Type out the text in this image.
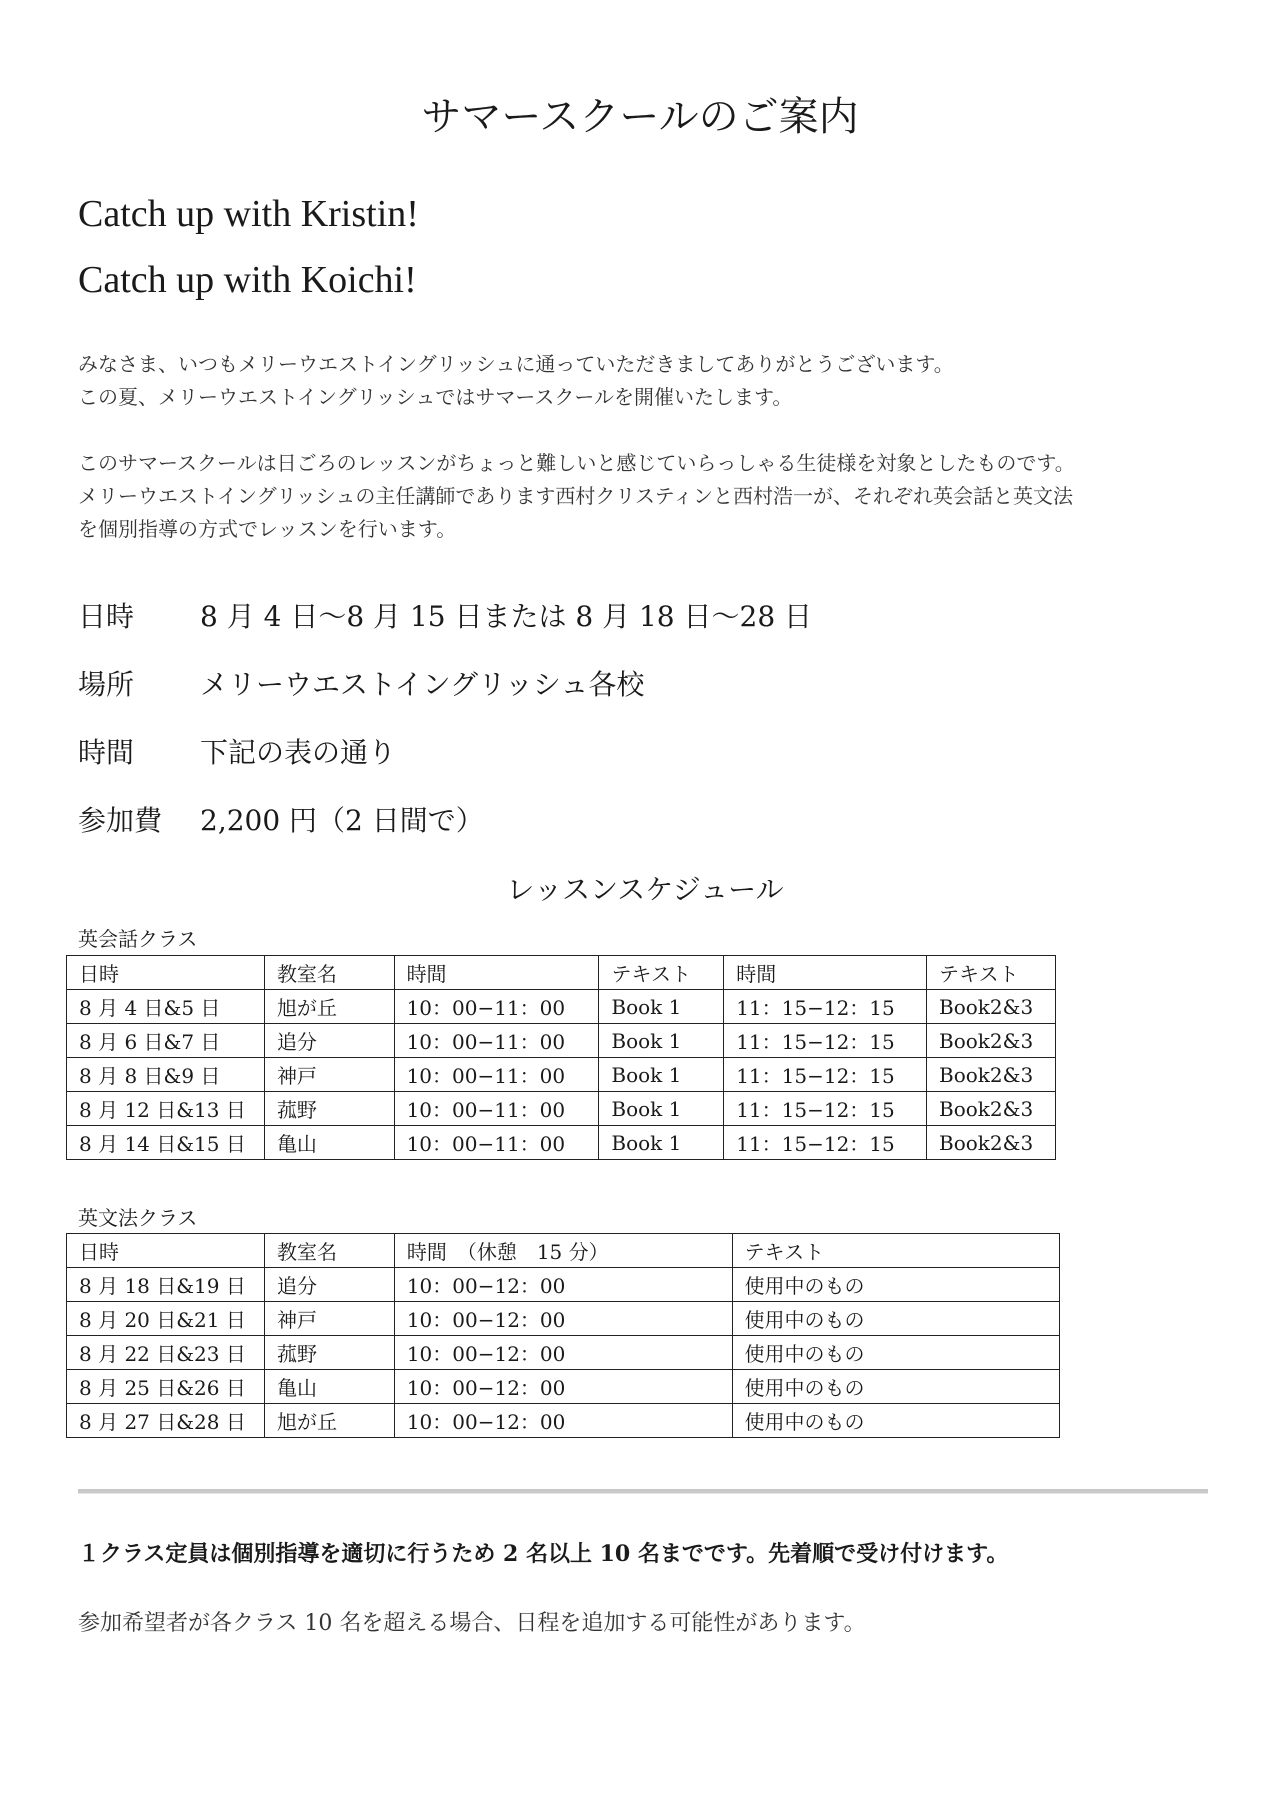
サマースクールのご案内

Catch up with Kristin!

Catch up with Koichi!

みなさま、いつもメリーウエストイングリッシュに通っていただきましてありがとうございます。
この夏、メリーウエストイングリッシュではサマースクールを開催いたします。

このサマースクールは日ごろのレッスンがちょっと難しいと感じていらっしゃる生徒様を対象としたものです。
メリーウエストイングリッシュの主任講師であります西村クリスティンと西村浩一が、それぞれ英会話と英文法
を個別指導の方式でレッスンを行います。

日時 8 月 4 日〜8 月 15 日または 8 月 18 日〜28 日

場所 メリーウエストイングリッシュ各校

時間 下記の表の通り

参加費 2,200 円（2 日間で）

レッスンスケジュール

英会話クラス

日時	教室名	時間	テキスト	時間	テキスト
8 月 4 日&5 日	旭が丘	10：00−11：00	Book 1	11：15−12：15	Book2&3
8 月 6 日&7 日	追分	10：00−11：00	Book 1	11：15−12：15	Book2&3
8 月 8 日&9 日	神戸	10：00−11：00	Book 1	11：15−12：15	Book2&3
8 月 12 日&13 日	菰野	10：00−11：00	Book 1	11：15−12：15	Book2&3
8 月 14 日&15 日	亀山	10：00−11：00	Book 1	11：15−12：15	Book2&3

英文法クラス

日時	教室名	時間　（休憩　15 分）	テキスト
8 月 18 日&19 日	追分	10：00−12：00	使用中のもの
8 月 20 日&21 日	神戸	10：00−12：00	使用中のもの
8 月 22 日&23 日	菰野	10：00−12：00	使用中のもの
8 月 25 日&26 日	亀山	10：00−12：00	使用中のもの
8 月 27 日&28 日	旭が丘	10：00−12：00	使用中のもの

１クラス定員は個別指導を適切に行うため 2 名以上 10 名までです。先着順で受け付けます。

参加希望者が各クラス 10 名を超える場合、日程を追加する可能性があります。
